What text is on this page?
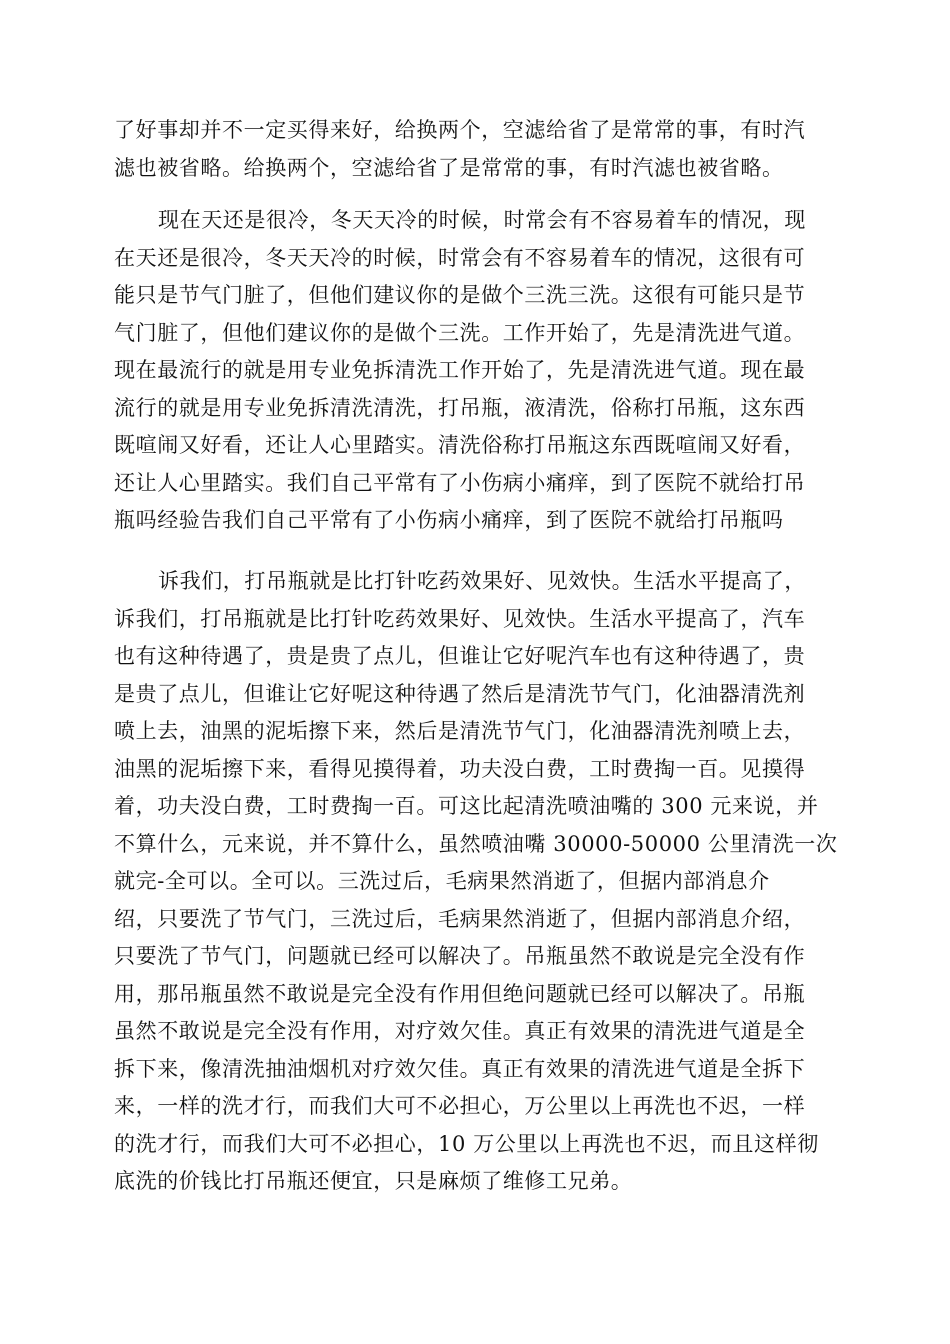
了好事却并不一定买得来好，给换两个，空滤给省了是常常的事，有时汽
滤也被省略。给换两个，空滤给省了是常常的事，有时汽滤也被省略。
现在天还是很冷，冬天天冷的时候，时常会有不容易着车的情况，现
在天还是很冷，冬天天冷的时候，时常会有不容易着车的情况，这很有可
能只是节气门脏了，但他们建议你的是做个三洗三洗。这很有可能只是节
气门脏了，但他们建议你的是做个三洗。工作开始了，先是清洗进气道。
现在最流行的就是用专业免拆清洗工作开始了，先是清洗进气道。现在最
流行的就是用专业免拆清洗清洗，打吊瓶，液清洗，俗称打吊瓶，这东西
既喧闹又好看，还让人心里踏实。清洗俗称打吊瓶这东西既喧闹又好看，
还让人心里踏实。我们自己平常有了小伤病小痛痒，到了医院不就给打吊
瓶吗经验告我们自己平常有了小伤病小痛痒，到了医院不就给打吊瓶吗
诉我们，打吊瓶就是比打针吃药效果好、见效快。生活水平提高了，
诉我们，打吊瓶就是比打针吃药效果好、见效快。生活水平提高了，汽车
也有这种待遇了，贵是贵了点儿，但谁让它好呢汽车也有这种待遇了，贵
是贵了点儿，但谁让它好呢这种待遇了然后是清洗节气门，化油器清洗剂
喷上去，油黑的泥垢擦下来，然后是清洗节气门，化油器清洗剂喷上去，
油黑的泥垢擦下来，看得见摸得着，功夫没白费，工时费掏一百。见摸得
着，功夫没白费，工时费掏一百。可这比起清洗喷油嘴的 300 元来说，并
不算什么，元来说，并不算什么，虽然喷油嘴 30000-50000 公里清洗一次
就完-全可以。全可以。三洗过后，毛病果然消逝了，但据内部消息介
绍，只要洗了节气门，三洗过后，毛病果然消逝了，但据内部消息介绍，
只要洗了节气门，问题就已经可以解决了。吊瓶虽然不敢说是完全没有作
用，那吊瓶虽然不敢说是完全没有作用但绝问题就已经可以解决了。吊瓶
虽然不敢说是完全没有作用，对疗效欠佳。真正有效果的清洗进气道是全
拆下来，像清洗抽油烟机对疗效欠佳。真正有效果的清洗进气道是全拆下
来，一样的洗才行，而我们大可不必担心，万公里以上再洗也不迟，一样
的洗才行，而我们大可不必担心，10 万公里以上再洗也不迟，而且这样彻
底洗的价钱比打吊瓶还便宜，只是麻烦了维修工兄弟。
